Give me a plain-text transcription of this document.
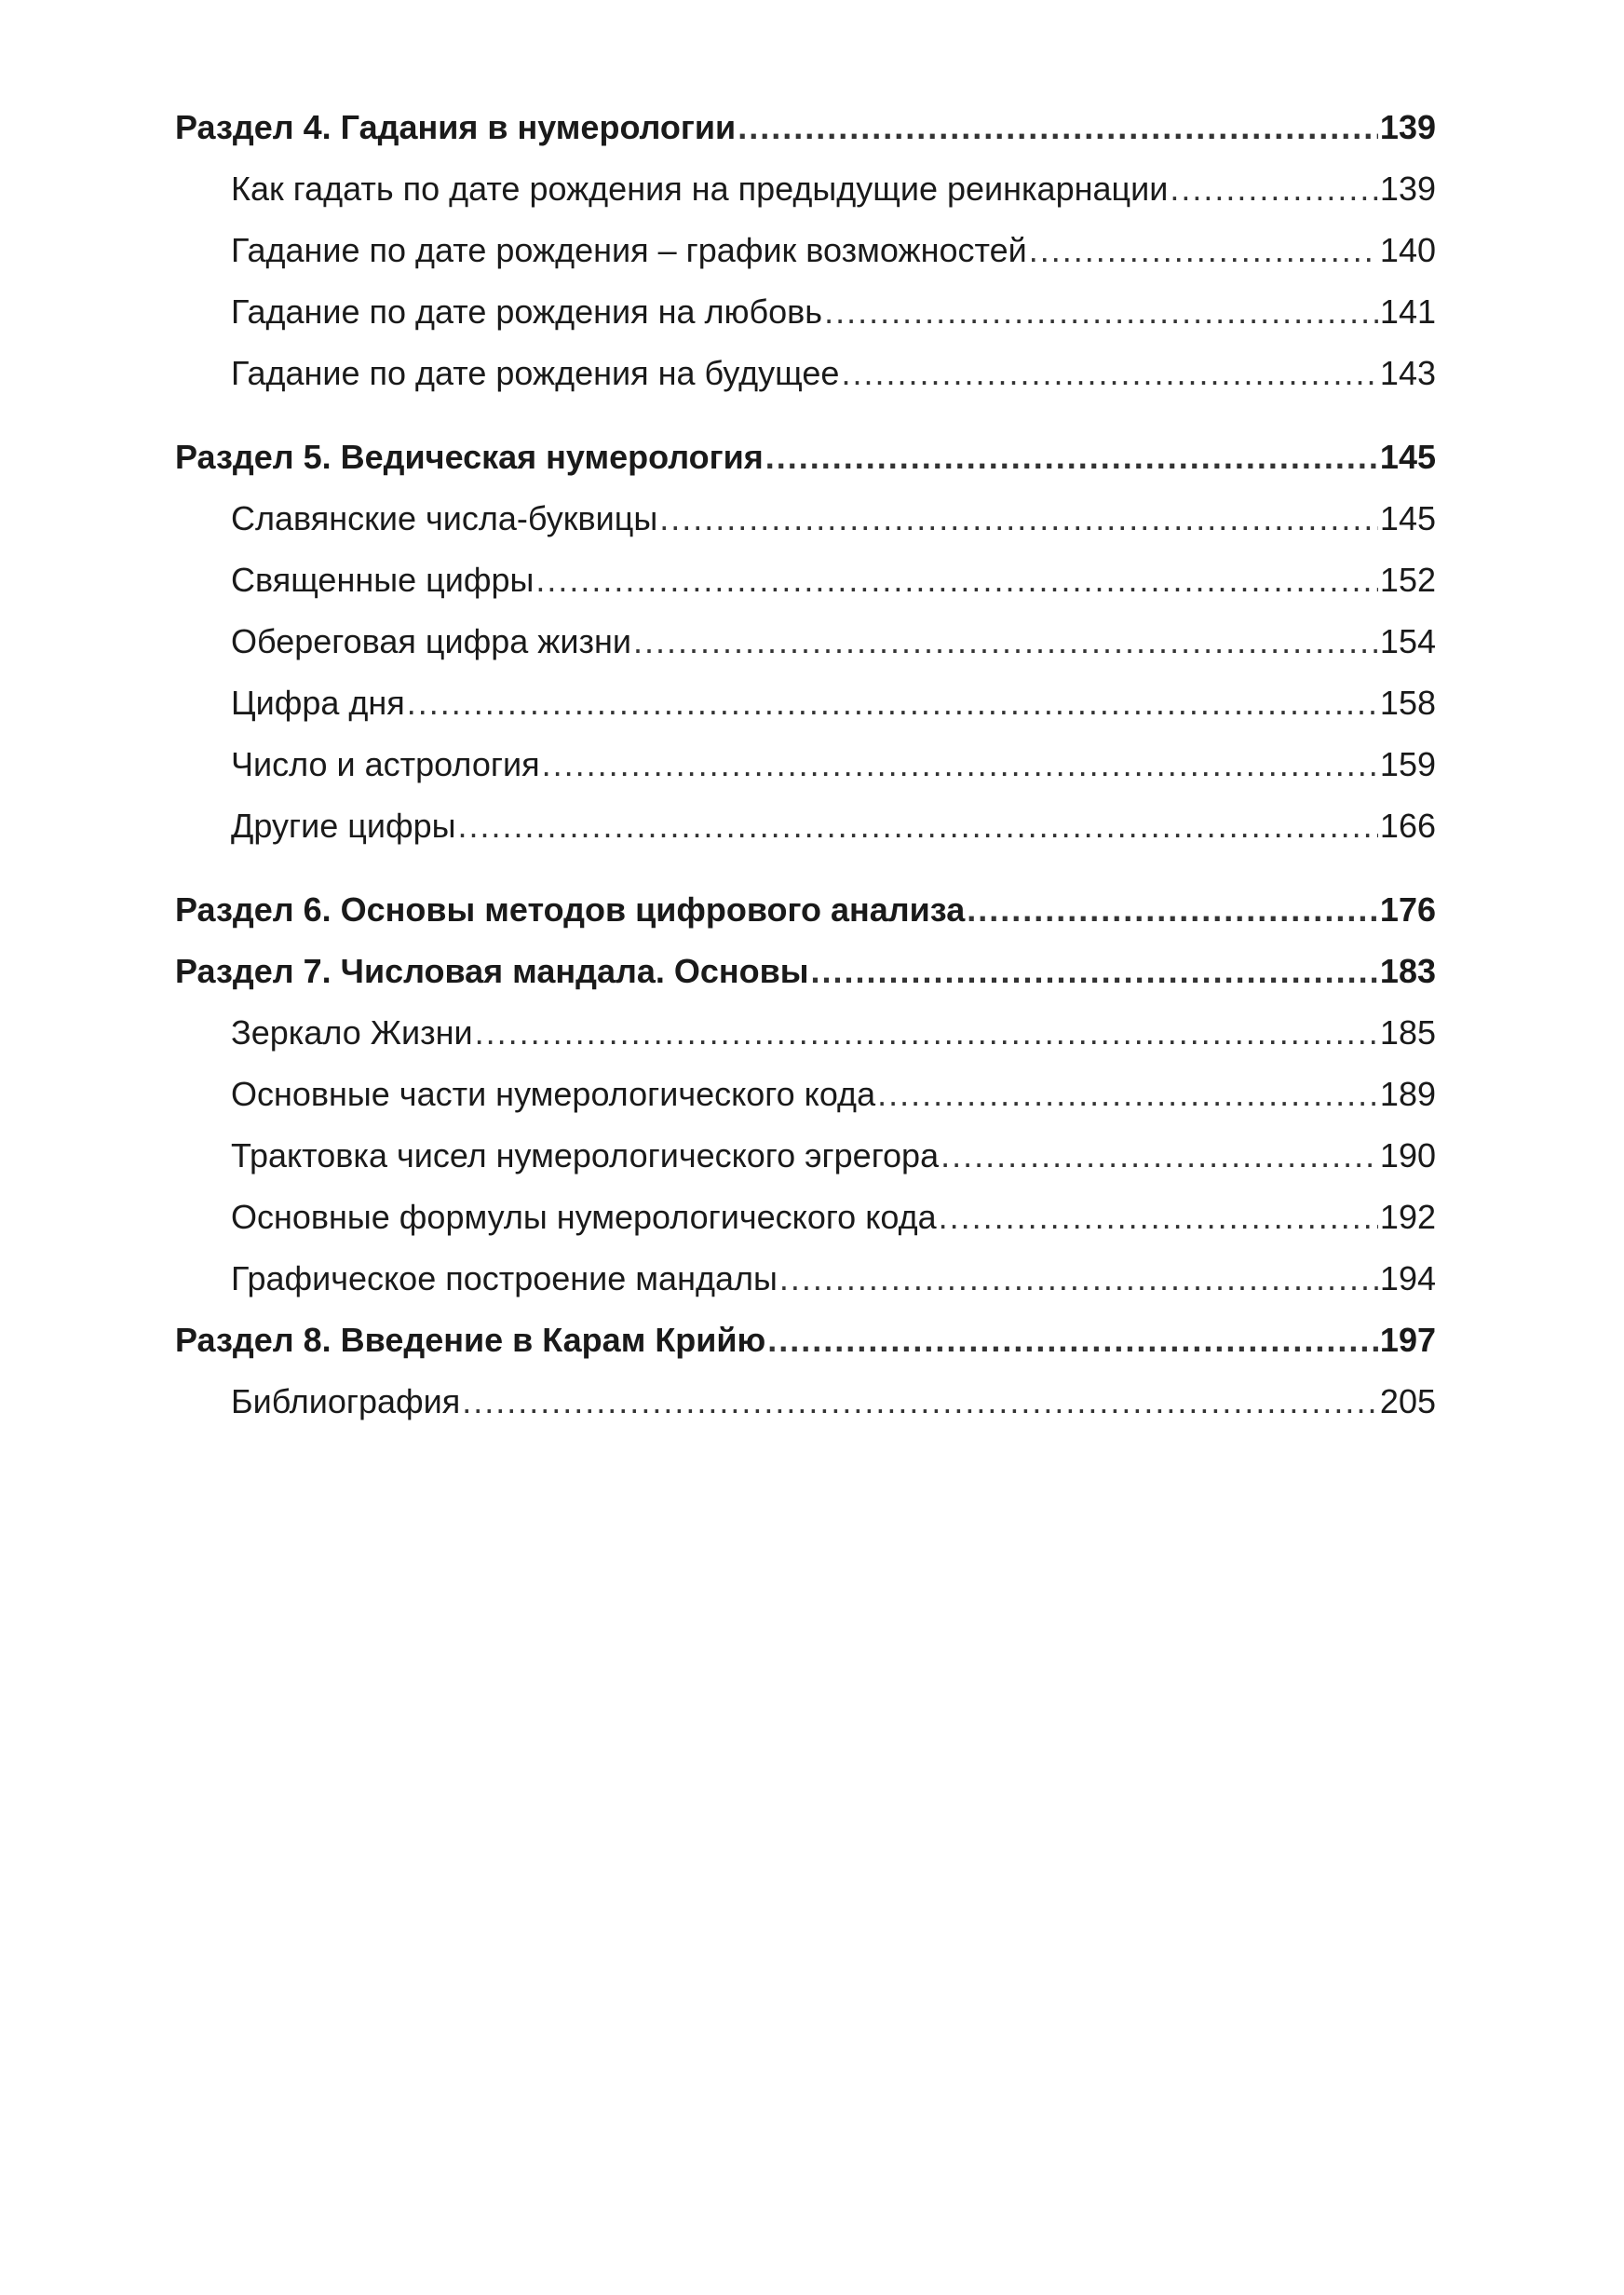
Раздел 4. Гадания в нумерологии .....	139
Как гадать по дате рождения на предыдущие реинкарнации .....	139
Гадание по дате рождения – график возможностей .....	140
Гадание по дате рождения на любовь .....	141
Гадание по дате рождения на будущее .....	143
Раздел 5. Ведическая нумерология .....	145
Славянские числа-буквицы .....	145
Священные цифры .....	152
Обереговая цифра жизни .....	154
Цифра дня .....	158
Число и астрология .....	159
Другие цифры .....	166
Раздел 6. Основы методов цифрового анализа .....	176
Раздел 7. Числовая мандала. Основы .....	183
Зеркало Жизни .....	185
Основные части нумерологического кода .....	189
Трактовка чисел нумерологического эгрегора .....	190
Основные формулы нумерологического кода .....	192
Графическое построение мандалы .....	194
Раздел 8. Введение в Карам Крийю .....	197
Библиография .....	205
